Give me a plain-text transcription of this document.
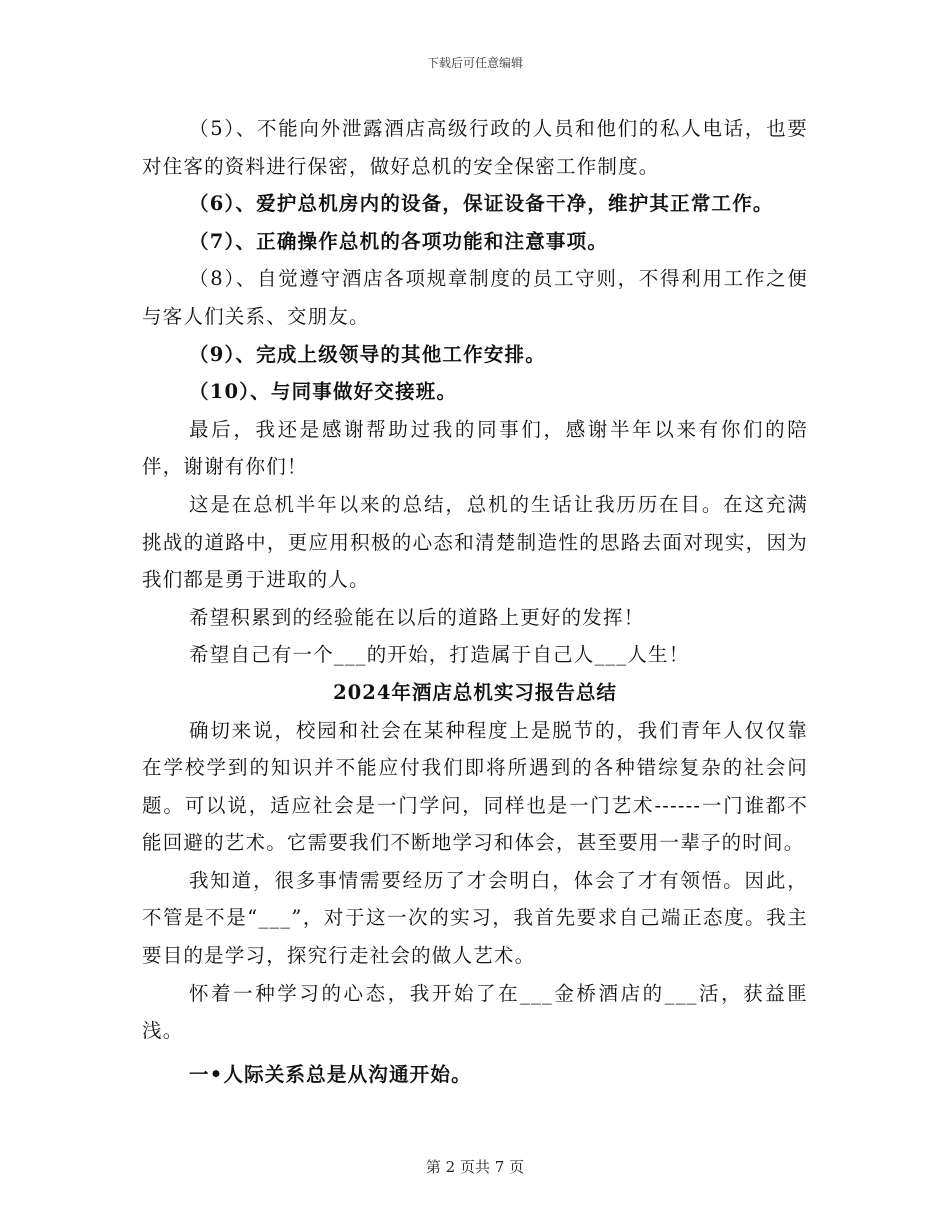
下载后可任意编辑

（5）、不能向外泄露酒店高级行政的人员和他们的私人电话，也要对住客的资料进行保密，做好总机的安全保密工作制度。

（6）、爱护总机房内的设备，保证设备干净，维护其正常工作。

（7）、正确操作总机的各项功能和注意事项。

（8）、自觉遵守酒店各项规章制度的员工守则，不得利用工作之便与客人们关系、交朋友。

（9）、完成上级领导的其他工作安排。

（10）、与同事做好交接班。

最后，我还是感谢帮助过我的同事们，感谢半年以来有你们的陪伴，谢谢有你们！

这是在总机半年以来的总结，总机的生话让我历历在目。在这充满挑战的道路中，更应用积极的心态和清楚制造性的思路去面对现实，因为我们都是勇于进取的人。

希望积累到的经验能在以后的道路上更好的发挥！

希望自己有一个___的开始，打造属于自己人___人生！

2024年酒店总机实习报告总结

确切来说，校园和社会在某种程度上是脱节的，我们青年人仅仅靠在学校学到的知识并不能应付我们即将所遇到的各种错综复杂的社会问题。可以说，适应社会是一门学问，同样也是一门艺术------一门谁都不能回避的艺术。它需要我们不断地学习和体会，甚至要用一辈子的时间。

我知道，很多事情需要经历了才会明白，体会了才有领悟。因此，不管是不是“___”，对于这一次的实习，我首先要求自己端正态度。我主要目的是学习，探究行走社会的做人艺术。

怀着一种学习的心态，我开始了在___金桥酒店的___活，获益匪浅。

一•人际关系总是从沟通开始。

第 2 页共 7 页
